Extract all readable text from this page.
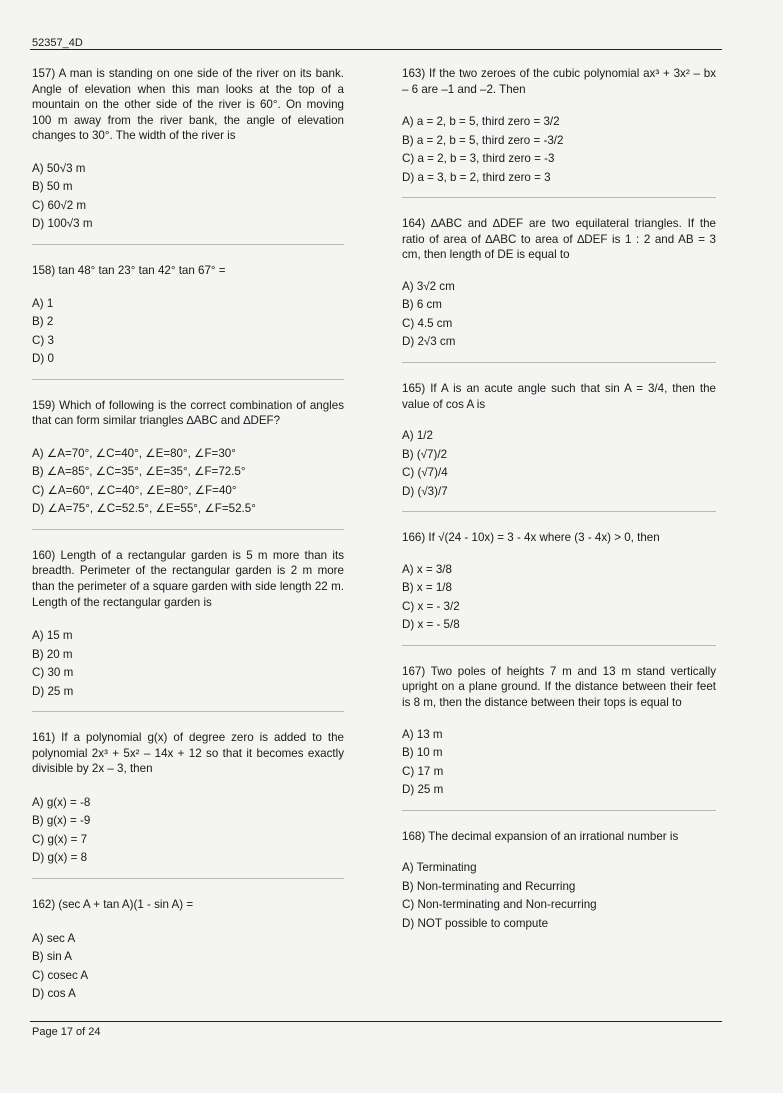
52357_4D

157) A man is standing on one side of the river on its bank. Angle of elevation when this man looks at the top of a mountain on the other side of the river is 60°. On moving 100 m away from the river bank, the angle of elevation changes to 30°. The width of the river is

A) 50√3 m
B) 50 m
C) 60√2 m
D) 100√3 m

158) tan 48° tan 23° tan 42° tan 67° =

A) 1
B) 2
C) 3
D) 0

159) Which of following is the correct combination of angles that can form similar triangles ∆ABC and ∆DEF?

A) ∠A=70°, ∠C=40°, ∠E=80°, ∠F=30°
B) ∠A=85°, ∠C=35°, ∠E=35°, ∠F=72.5°
C) ∠A=60°, ∠C=40°, ∠E=80°, ∠F=40°
D) ∠A=75°, ∠C=52.5°, ∠E=55°, ∠F=52.5°

160) Length of a rectangular garden is 5 m more than its breadth. Perimeter of the rectangular garden is 2 m more than the perimeter of a square garden with side length 22 m. Length of the rectangular garden is

A) 15 m
B) 20 m
C) 30 m
D) 25 m

161) If a polynomial g(x) of degree zero is added to the polynomial 2x³ + 5x² – 14x + 12 so that it becomes exactly divisible by 2x – 3, then

A) g(x) = -8
B) g(x) = -9
C) g(x) = 7
D) g(x) = 8

162) (sec A + tan A)(1 - sin A) =

A) sec A
B) sin A
C) cosec A
D) cos A

163) If the two zeroes of the cubic polynomial ax³ + 3x² – bx – 6 are –1 and –2. Then

A) a = 2, b = 5, third zero = 3/2
B) a = 2, b = 5, third zero = -3/2
C) a = 2, b = 3, third zero = -3
D) a = 3, b = 2, third zero = 3

164) ∆ABC and ∆DEF are two equilateral triangles. If the ratio of area of ∆ABC to area of ∆DEF is 1 : 2 and AB = 3 cm, then length of DE is equal to

A) 3√2 cm
B) 6 cm
C) 4.5 cm
D) 2√3 cm

165) If A is an acute angle such that sin A = 3/4, then the value of cos A is

A) 1/2
B) (√7)/2
C) (√7)/4
D) (√3)/7

166) If √(24 - 10x) = 3 - 4x where (3 - 4x) > 0, then

A) x = 3/8
B) x = 1/8
C) x = - 3/2
D) x = - 5/8

167) Two poles of heights 7 m and 13 m stand vertically upright on a plane ground. If the distance between their feet is 8 m, then the distance between their tops is equal to

A) 13 m
B) 10 m
C) 17 m
D) 25 m

168) The decimal expansion of an irrational number is

A) Terminating
B) Non-terminating and Recurring
C) Non-terminating and Non-recurring
D) NOT possible to compute
Page 17 of 24
